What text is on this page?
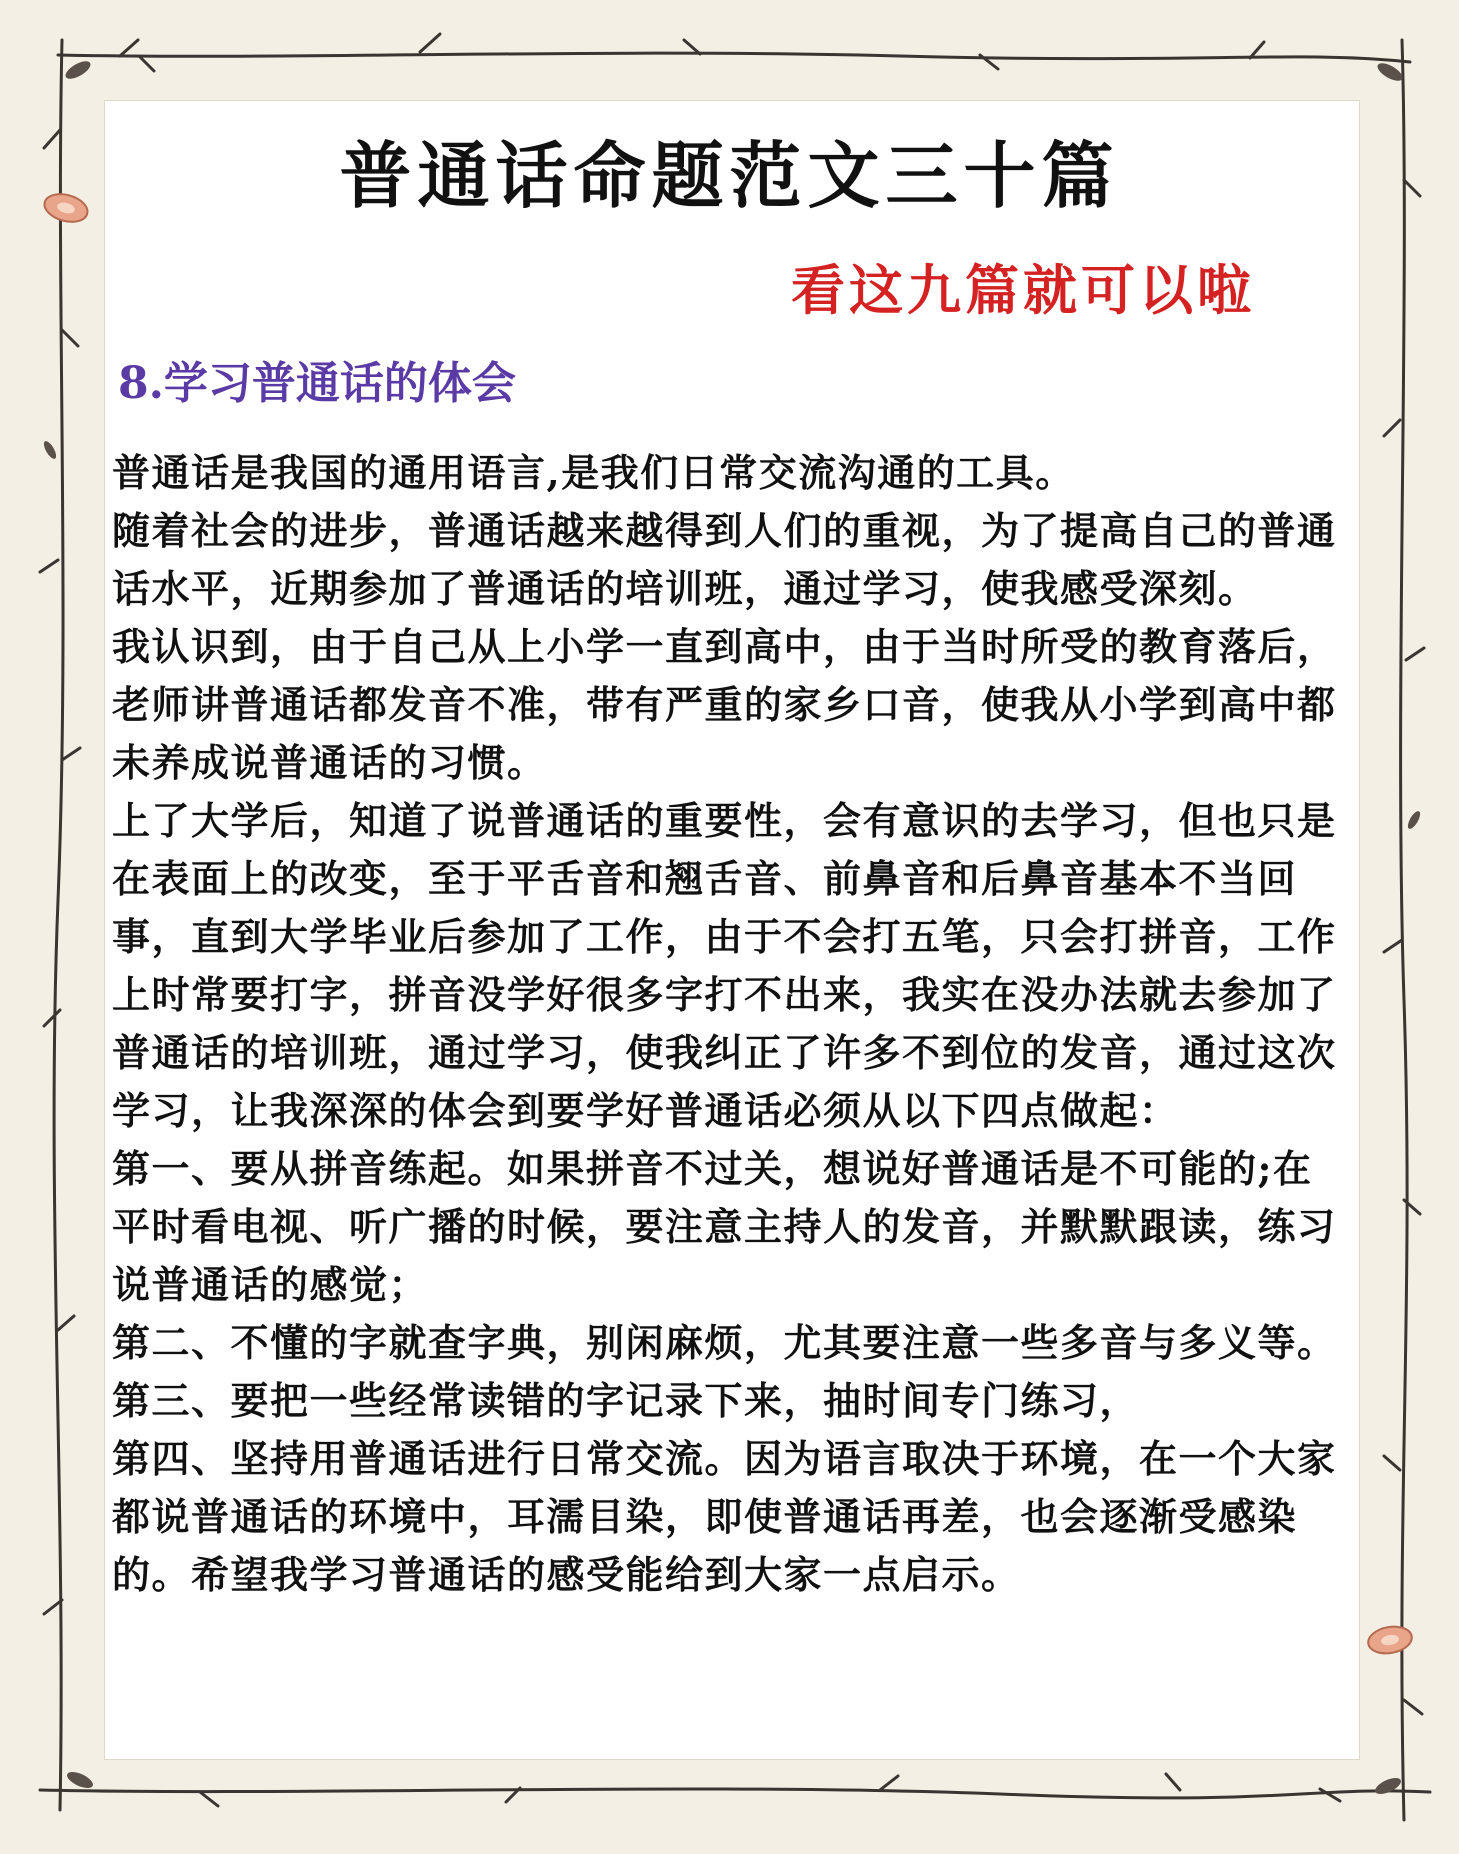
普通话命题范文三十篇
看这九篇就可以啦
8.学习普通话的体会

普通话是我国的通用语言,是我们日常交流沟通的工具。

随着社会的进步，普通话越来越得到人们的重视，为了提高自己的普通话水平，近期参加了普通话的培训班，通过学习，使我感受深刻。

我认识到，由于自己从上小学一直到高中，由于当时所受的教育落后，老师讲普通话都发音不准，带有严重的家乡口音，使我从小学到高中都未养成说普通话的习惯。

上了大学后，知道了说普通话的重要性，会有意识的去学习，但也只是在表面上的改变，至于平舌音和翘舌音、前鼻音和后鼻音基本不当回事，直到大学毕业后参加了工作，由于不会打五笔，只会打拼音，工作上时常要打字，拼音没学好很多字打不出来，我实在没办法就去参加了普通话的培训班，通过学习，使我纠正了许多不到位的发音，通过这次学习，让我深深的体会到要学好普通话必须从以下四点做起：

第一、要从拼音练起。如果拼音不过关，想说好普通话是不可能的;在平时看电视、听广播的时候，要注意主持人的发音，并默默跟读，练习说普通话的感觉；

第二、不懂的字就查字典，别闲麻烦，尤其要注意一些多音与多义等。

第三、要把一些经常读错的字记录下来，抽时间专门练习，

第四、坚持用普通话进行日常交流。因为语言取决于环境，在一个大家都说普通话的环境中，耳濡目染，即使普通话再差，也会逐渐受感染的。希望我学习普通话的感受能给到大家一点启示。
